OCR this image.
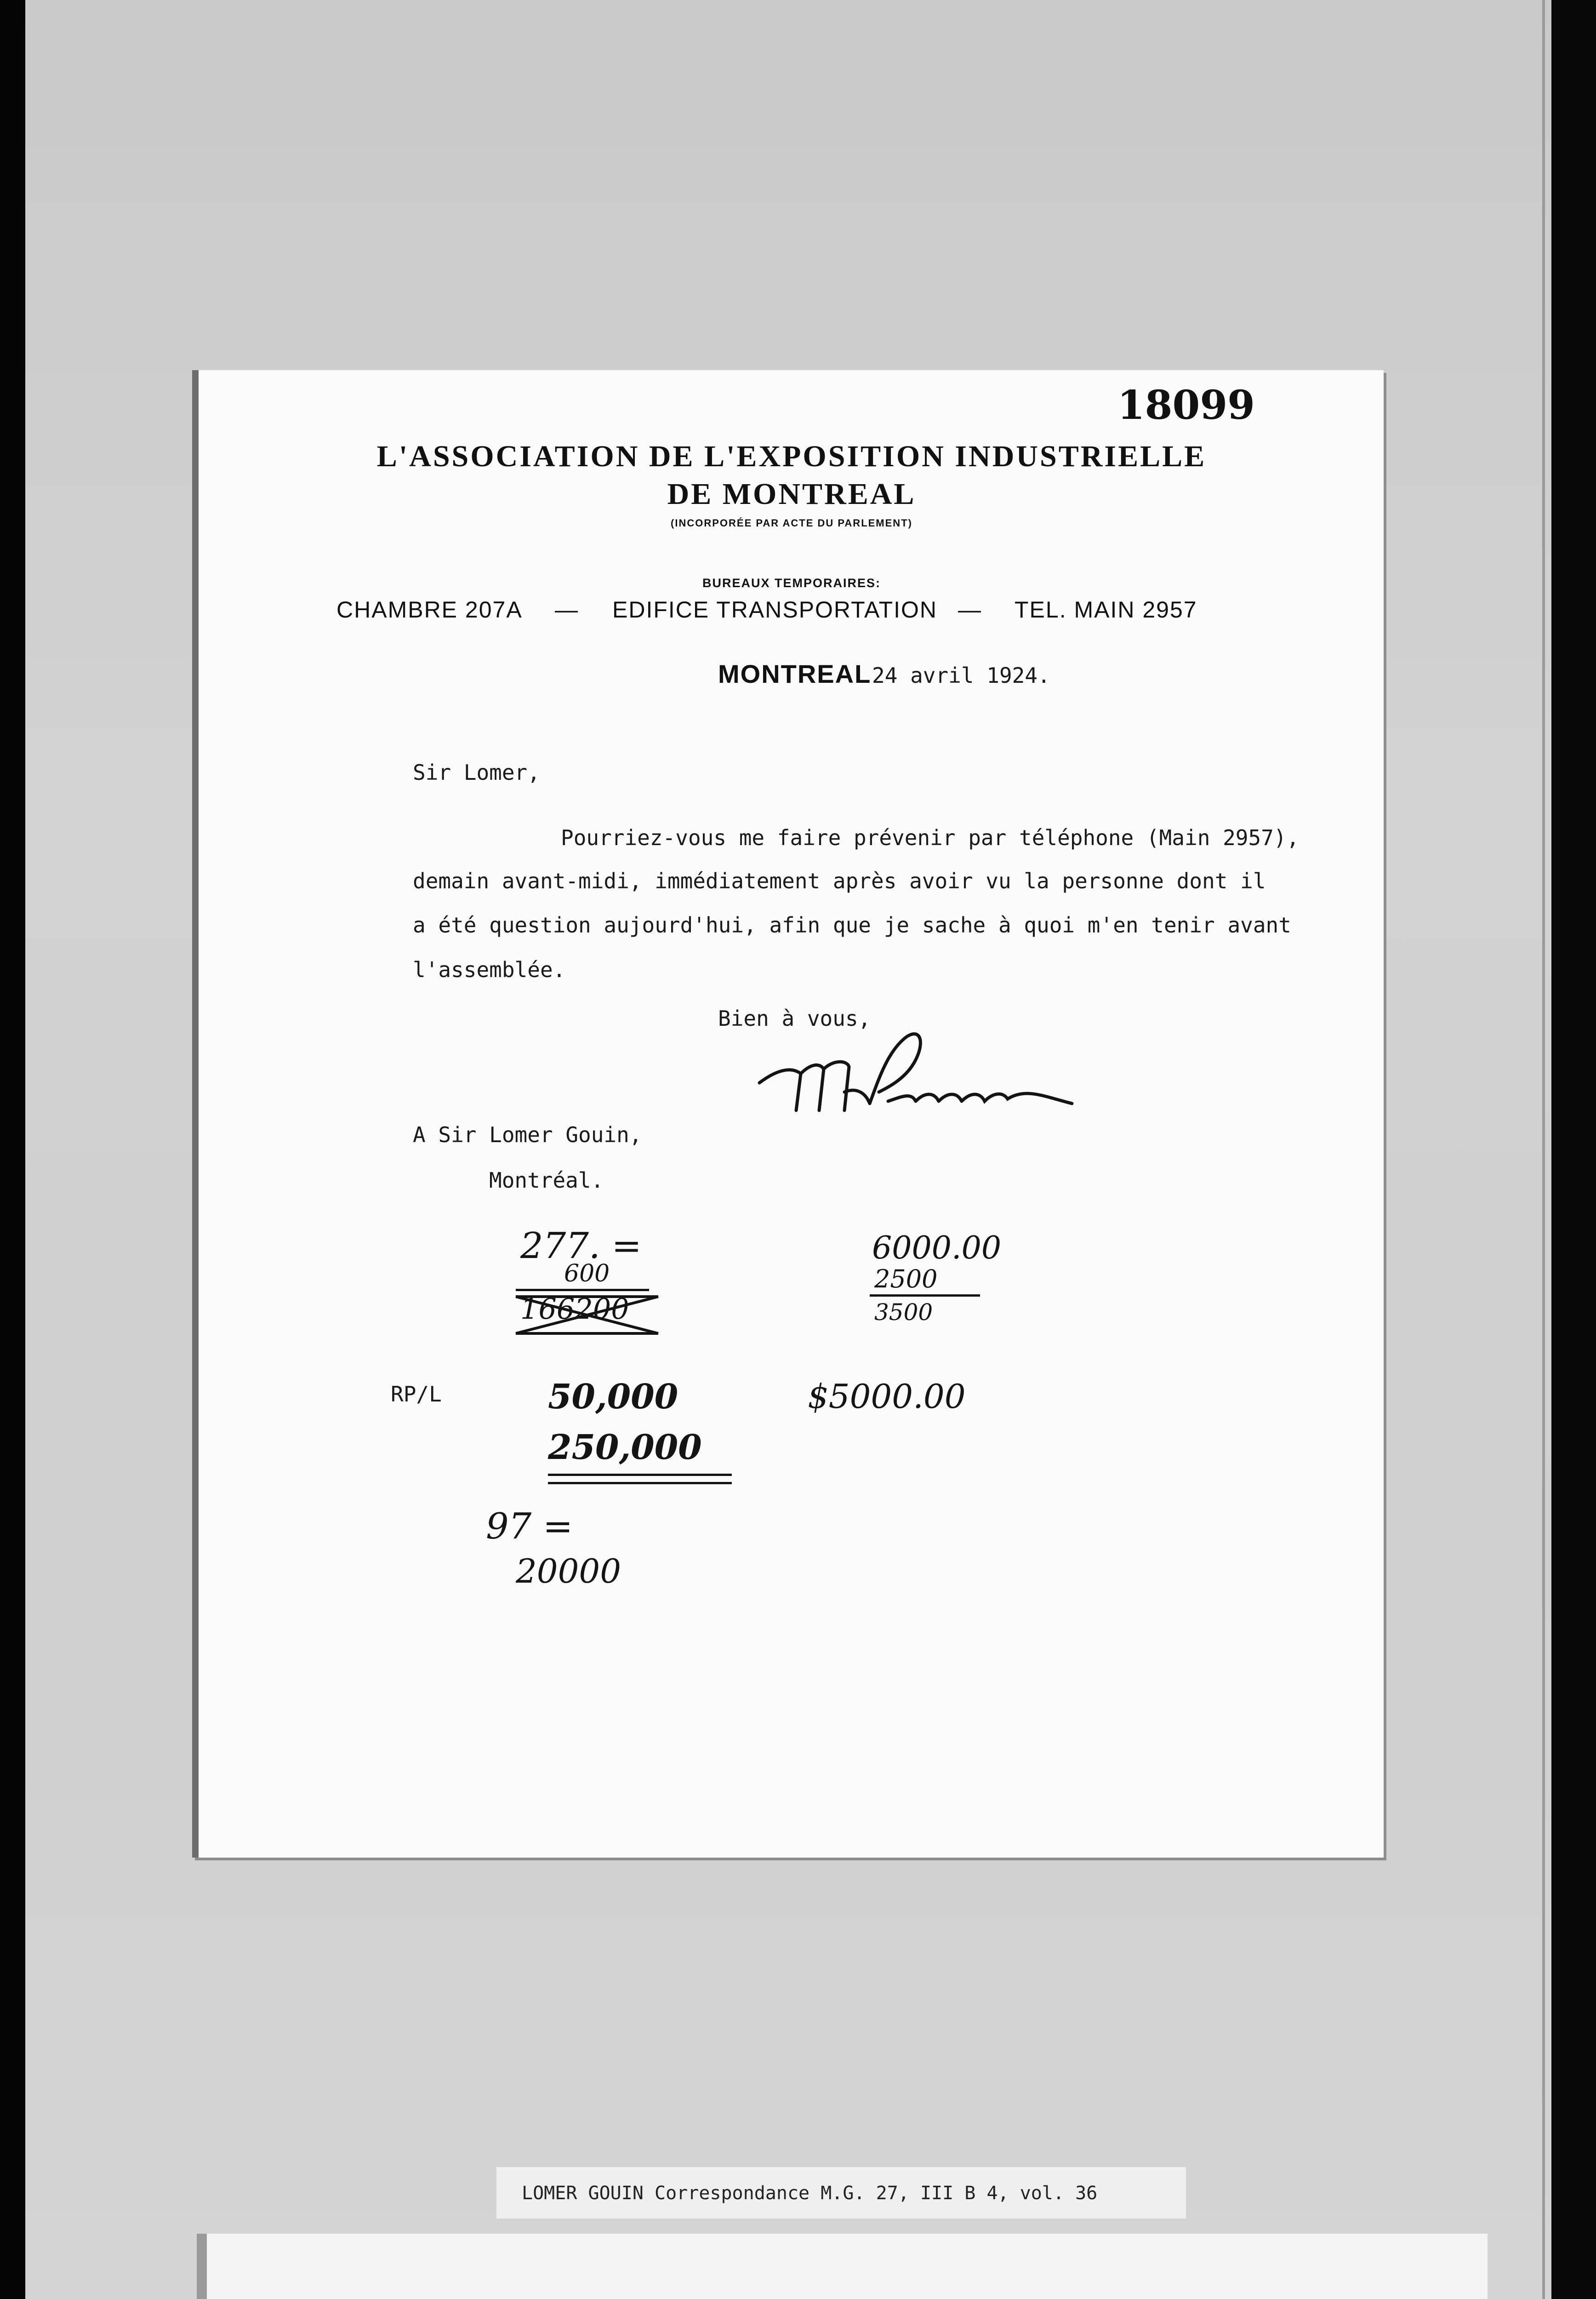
18099
L'ASSOCIATION DE L'EXPOSITION INDUSTRIELLE
DE MONTREAL
(INCORPORÉE PAR ACTE DU PARLEMENT)
BUREAUX TEMPORAIRES:
CHAMBRE 207A — EDIFICE TRANSPORTATION — TEL. MAIN 2957
MONTREAL 24 avril 1924.
Sir Lomer,
Pourriez-vous me faire prévenir par téléphone (Main 2957),
demain avant-midi, immédiatement après avoir vu la personne dont il
a été question aujourd'hui, afin que je sache à quoi m'en tenir avant
l'assemblée.
Bien à vous,
A Sir Lomer Gouin,
Montréal.
277. =
600
166200
RP/L	50,000
250,000
97 =
20000
6000.00
2500
3500
$5000.00
LOMER GOUIN Correspondance M.G. 27, III B 4, vol. 36
